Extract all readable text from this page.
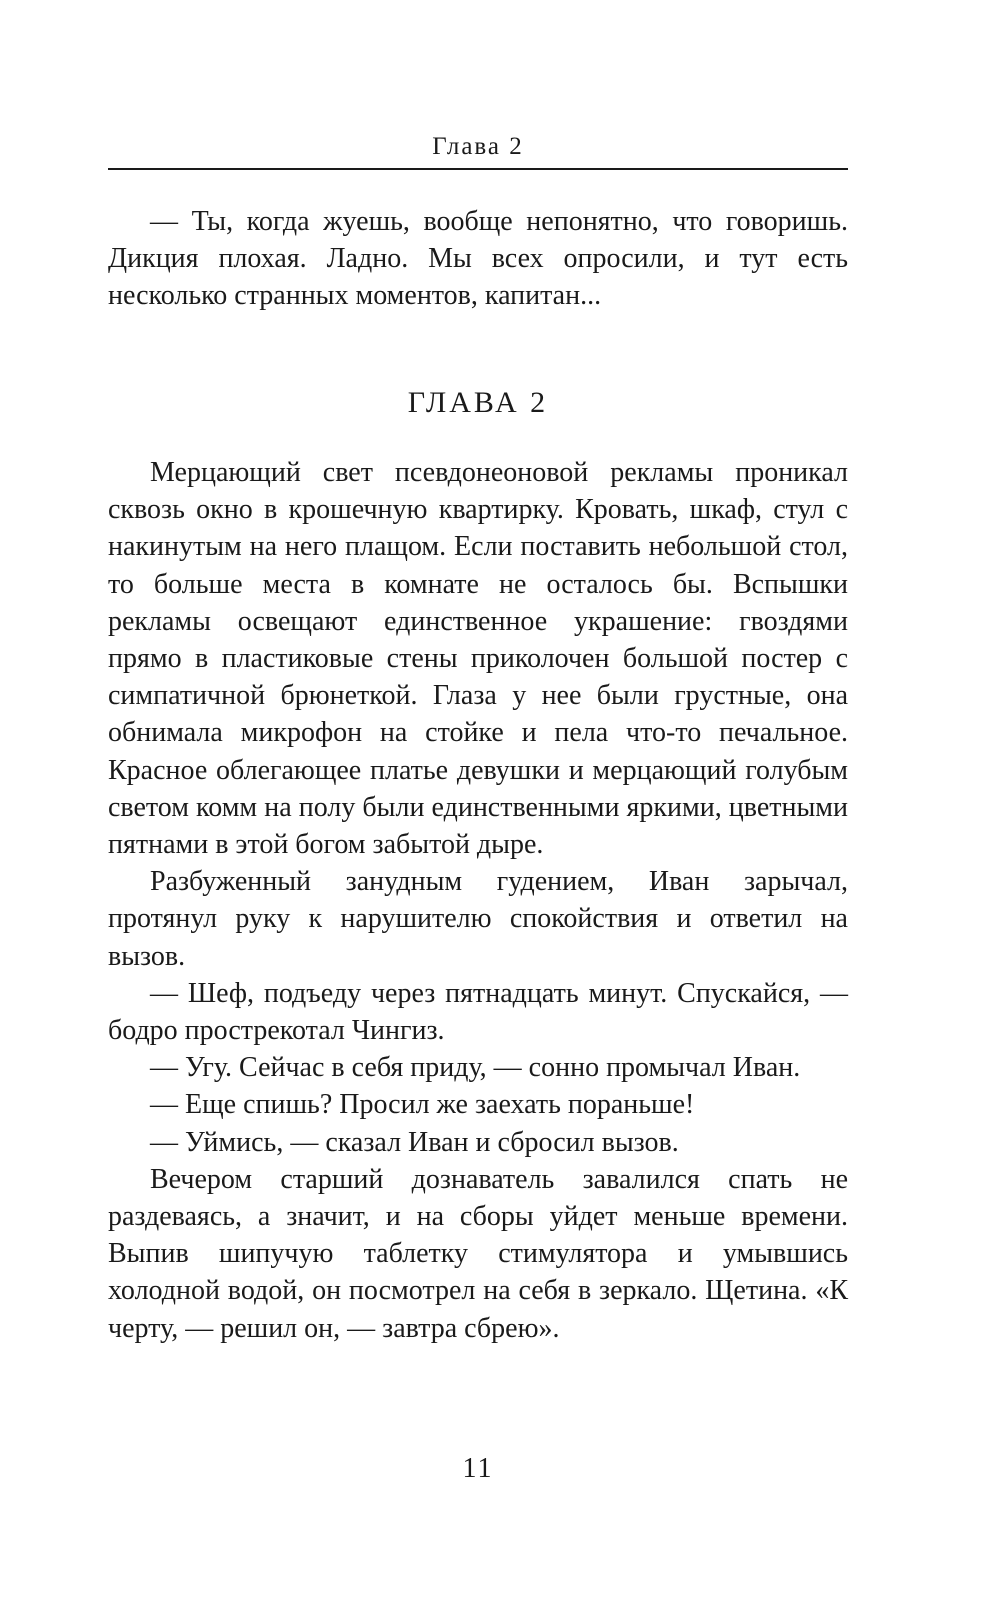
Глава 2

— Ты, когда жуешь, вообще непонятно, что говоришь. Дикция плохая. Ладно. Мы всех опросили, и тут есть несколько странных моментов, капитан...

ГЛАВА 2

Мерцающий свет псевдонеоновой рекламы проникал сквозь окно в крошечную квартирку. Кровать, шкаф, стул с накинутым на него плащом. Если поставить небольшой стол, то больше места в комнате не осталось бы. Вспышки рекламы освещают единственное украшение: гвоздями прямо в пластиковые стены приколочен большой постер с симпатичной брюнеткой. Глаза у нее были грустные, она обнимала микрофон на стойке и пела что-то печальное. Красное облегающее платье девушки и мерцающий голубым светом комм на полу были единственными яркими, цветными пятнами в этой богом забытой дыре.

Разбуженный занудным гудением, Иван зарычал, протянул руку к нарушителю спокойствия и ответил на вызов.

— Шеф, подъеду через пятнадцать минут. Спускайся, — бодро прострекотал Чингиз.

— Угу. Сейчас в себя приду, — сонно промычал Иван.

— Еще спишь? Просил же заехать пораньше!

— Уймись, — сказал Иван и сбросил вызов.

Вечером старший дознаватель завалился спать не раздеваясь, а значит, и на сборы уйдет меньше времени. Выпив шипучую таблетку стимулятора и умывшись холодной водой, он посмотрел на себя в зеркало. Щетина. «К черту, — решил он, — завтра сбрею».

11
